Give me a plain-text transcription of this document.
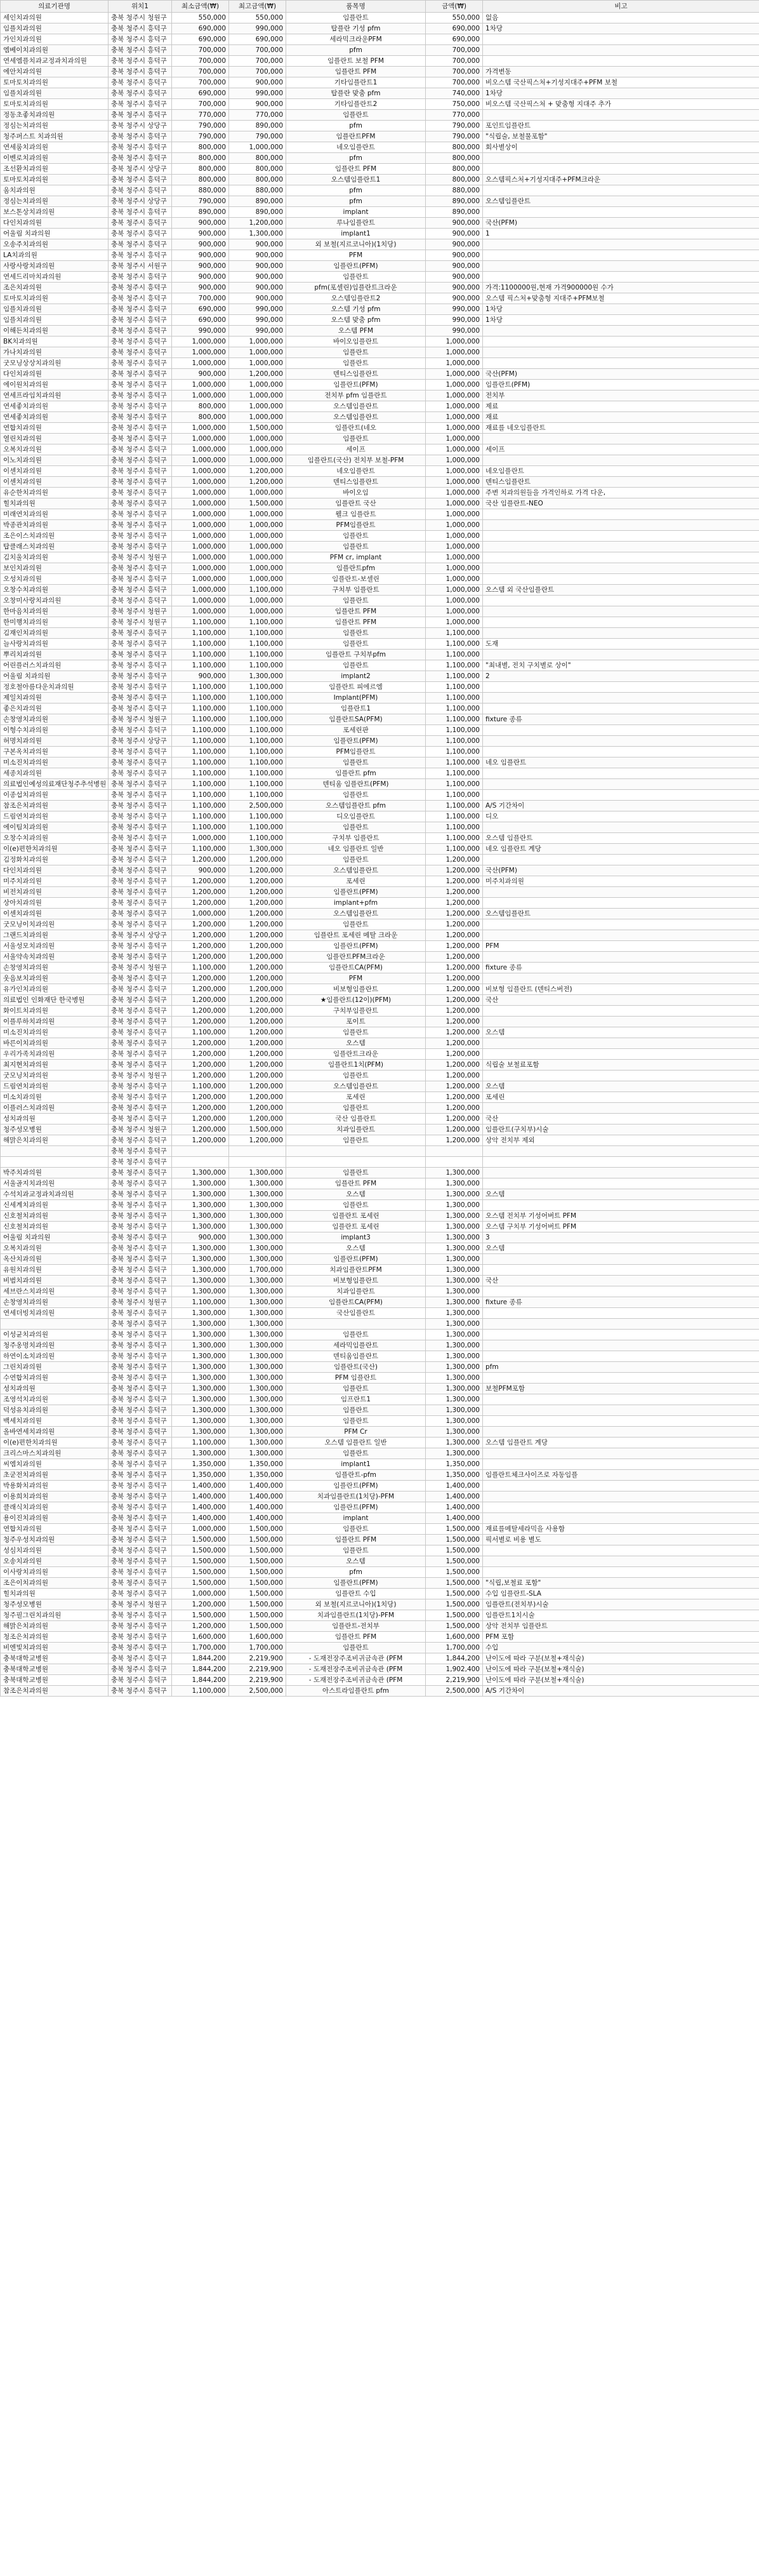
의료기관명	위치1	최소금액(₩)	최고금액(₩)	품목명	금액(₩)	비고
세인치과의원	충북 청주시 청원구	550,000	550,000	임플란트	550,000	없음
임플치과의원	충북 청주시 흥덕구	690,000	990,000	탑플란 기성 pfm	690,000	1차당
가인치과의원	충북 청주시 흥덕구	690,000	690,000	세라믹크라운PFM	690,000	
엠베이치과의원	충북 청주시 흥덕구	700,000	700,000	pfm	700,000	
연세엠플치과교정과치과의원	충북 청주시 흥덕구	700,000	700,000	임플란트 보철 PFM	700,000	
에안치과의원	충북 청주시 흥덕구	700,000	700,000	임플란트 PFM	700,000	가격변동
토마토치과의원	충북 청주시 흥덕구	700,000	900,000	기타임플란트1	700,000	비오스템 국산픽스처+기성지대주+PFM 보철
임플치과의원	충북 청주시 흥덕구	690,000	990,000	탑플란 맞춤 pfm	740,000	1차당
토마토치과의원	충북 청주시 흥덕구	700,000	900,000	기타임플란트2	750,000	비오스템 국산픽스처 + 맞춤형 지대주 추가
정동초좋치과의원	충북 청주시 흥덕구	770,000	770,000	임플란트	770,000	
정심는치과의원	충북 청주시 상당구	790,000	890,000	pfm	790,000	포인트임플란트
청주퍼스트 치과의원	충북 청주시 흥덕구	790,000	790,000	임플란트PFM	790,000	"식립술, 보철물포함"
연세룸치과의원	충북 청주시 흥덕구	800,000	1,000,000	네오임플란트	800,000	회사별상이
이벤로치과의원	충북 청주시 흥덕구	800,000	800,000	pfm	800,000	
조선환치과의원	충북 청주시 상당구	800,000	800,000	임플란트 PFM	800,000	
토마토치과의원	충북 청주시 흥덕구	800,000	800,000	오스템임플란트1	800,000	오스템픽스처+기성지대주+PFM크라운
움치과의원	충북 청주시 흥덕구	880,000	880,000	pfm	880,000	
정심는치과의원	충북 청주시 상당구	790,000	890,000	pfm	890,000	오스템임플란트
보스톤상치과의원	충북 청주시 흥덕구	890,000	890,000	implant	890,000	
다인치과의원	충북 청주시 흥덕구	900,000	1,200,000	루나임플란트	900,000	국산(PFM)
어울림 치과의원	충북 청주시 흥덕구	900,000	1,300,000	implant1	900,000	1
오송주치과의원	충북 청주시 흥덕구	900,000	900,000	외 보철(지르코니아)(1치당)	900,000	
LA치과의원	충북 청주시 흥덕구	900,000	900,000	PFM	900,000	
사랑사랑치과의원	충북 청주시 서원구	900,000	900,000	임플란트(PFM)	900,000	
연세드리마치과의원	충북 청주시 흥덕구	900,000	900,000	임플란트	900,000	
조은치과의원	충북 청주시 흥덕구	900,000	900,000	pfm(포셀린)임플란트크라운	900,000	가격:1100000원,현재 가격900000원 수가
토마토치과의원	충북 청주시 흥덕구	700,000	900,000	오스템임플란트2	900,000	오스템 픽스처+맞춤형 지대주+PFM보철
임플치과의원	충북 청주시 흥덕구	690,000	990,000	오스템 기성 pfm	990,000	1차당
임플치과의원	충북 청주시 흥덕구	690,000	990,000	오스템 맞춤 pfm	990,000	1차당
이해든치과의원	충북 청주시 흥덕구	990,000	990,000	오스템 PFM	990,000	
BK치과의원	충북 청주시 흥덕구	1,000,000	1,000,000	바이오임플란트	1,000,000	
가나치과의원	충북 청주시 흥덕구	1,000,000	1,000,000	임플란트	1,000,000	
굿모닝상상치과의원	충북 청주시 흥덕구	1,000,000	1,000,000	임플란트	1,000,000	
다인치과의원	충북 청주시 흥덕구	900,000	1,200,000	덴티스임플란트	1,000,000	국산(PFM)
에이원치과의원	충북 청주시 흥덕구	1,000,000	1,000,000	임플란트(PFM)	1,000,000	임플란트(PFM)
연세프라임치과의원	충북 청주시 흥덕구	1,000,000	1,000,000	전치부 pfm 임플란트	1,000,000	전치부
연세좋치과의원	충북 청주시 흥덕구	800,000	1,000,000	오스템임플란트	1,000,000	제료
연세좋치과의원	충북 청주시 흥덕구	800,000	1,000,000	오스템임플란트	1,000,000	재료
연합치과의원	충북 청주시 흥덕구	1,000,000	1,500,000	임플란트(네오	1,000,000	재료를 네오임플란트
열린치과의원	충북 청주시 흥덕구	1,000,000	1,000,000	임플란트	1,000,000	
오복치과의원	충북 청주시 흥덕구	1,000,000	1,000,000	세이프	1,000,000	세이프
이노치과의원	충북 청주시 흥덕구	1,000,000	1,000,000	임플란트(국산) 전치부 보철-PFM	1,000,000	
이센치과의원	충북 청주시 흥덕구	1,000,000	1,200,000	네오임플란트	1,000,000	네오임플란트
이센치과의원	충북 청주시 흥덕구	1,000,000	1,200,000	덴티스임플란트	1,000,000	덴티스임플란트
유순한치과의원	충북 청주시 흥덕구	1,000,000	1,000,000	바이오임	1,000,000	주변 치과의원들을 가격인하로 가격 다운,
힐치과의원	충북 청주시 흥덕구	1,000,000	1,500,000	임플란트 국산	1,000,000	국산 임플란트-NEO
미래연치과의원	충북 청주시 흥덕구	1,000,000	1,000,000	웰크 임플란트	1,000,000	
박종관치과의원	충북 청주시 흥덕구	1,000,000	1,000,000	PFM임플란트	1,000,000	
조은이스치과의원	충북 청주시 흥덕구	1,000,000	1,000,000	임플란트	1,000,000	
탑클래스치과의원	충북 청주시 흥덕구	1,000,000	1,000,000	임플란트	1,000,000	
김치울치과의원	충북 청주시 청원구	1,000,000	1,000,000	PFM cr, implant	1,000,000	
보인치과의원	충북 청주시 흥덕구	1,000,000	1,000,000	임플란트pfm	1,000,000	
오성치과의원	충북 청주시 흥덕구	1,000,000	1,000,000	임플란트-보셀린	1,000,000	
오창수치과의원	충북 청주시 흥덕구	1,000,000	1,100,000	구치부 임플란트	1,000,000	오스템 외 국산임플란트
오창미사랑치과의원	충북 청주시 흥덕구	1,000,000	1,000,000	임플란트	1,000,000	
한마음치과의원	충북 청주시 청원구	1,000,000	1,000,000	임플란트 PFM	1,000,000	
한미행치과의원	충북 청주시 청원구	1,100,000	1,100,000	임플란트 PFM	1,000,000	
김재인치과의원	충북 청주시 흥덕구	1,100,000	1,100,000	임플란트	1,100,000	
늘사랑치과의원	충북 청주시 흥덕구	1,100,000	1,100,000	임플란트	1,100,000	도재
뿌리치과의원	충북 청주시 흥덕구	1,100,000	1,100,000	임플란트 구치부pfm	1,100,000	
어린플러스치과의원	충북 청주시 흥덕구	1,100,000	1,100,000	임플란트	1,100,000	"최내별, 전치 구치별로 상이"
어울림 치과의원	충북 청주시 흥덕구	900,000	1,300,000	implant2	1,100,000	2
정호철아름다운치과의원	충북 청주시 흥덕구	1,100,000	1,100,000	임플란트 피에르엠	1,100,000	
제일치과의원	충북 청주시 흥덕구	1,100,000	1,100,000	Implant(PFM)	1,100,000	
좋은치과의원	충북 청주시 흥덕구	1,100,000	1,100,000	임플란트1	1,100,000	
손창영치과의원	충북 청주시 청원구	1,100,000	1,100,000	임플란트SA(PFM)	1,100,000	fixture 종류
이형수치과의원	충북 청주시 흥덕구	1,100,000	1,100,000	포세린판	1,100,000	
허명치과의원	충북 청주시 상당구	1,100,000	1,100,000	임플란트(PFM)	1,100,000	
구본옥치과의원	충북 청주시 흥덕구	1,100,000	1,100,000	PFM임플란트	1,100,000	
미소진치과의원	충북 청주시 흥덕구	1,100,000	1,100,000	임플란트	1,100,000	네오 임플란트
세종치과의원	충북 청주시 흥덕구	1,100,000	1,100,000	임플란트 pfm	1,100,000	
의료법인예성의료재단청주추석병원	충북 청주시 흥덕구	1,100,000	1,100,000	덴티움 임플란트(PFM)	1,100,000	
이종섭치과의원	충북 청주시 흥덕구	1,100,000	1,100,000	임플란트	1,100,000	
참조은치과의원	충북 청주시 흥덕구	1,100,000	2,500,000	오스템임플란트 pfm	1,100,000	A/S 기간차이
드림연치과의원	충북 청주시 흥덕구	1,100,000	1,100,000	디오임플란트	1,100,000	디오
에이팀치과의원	충북 청주시 흥덕구	1,100,000	1,100,000	임플란트	1,100,000	
오창수치과의원	충북 청주시 흥덕구	1,000,000	1,100,000	구치부 임플란트	1,100,000	오스템 임플란트
이(e)편한치과의원	충북 청주시 흥덕구	1,100,000	1,300,000	네오 임플란트 일반	1,100,000	네오 임플란트 계당
김정화치과의원	충북 청주시 흥덕구	1,200,000	1,200,000	임플란트	1,200,000	
다인치과의원	충북 청주시 흥덕구	900,000	1,200,000	오스템임플란트	1,200,000	국산(PFM)
미주치과의원	충북 청주시 흥덕구	1,200,000	1,200,000	포세린	1,200,000	미주치과의원
비전치과의원	충북 청주시 흥덕구	1,200,000	1,200,000	임플란트(PFM)	1,200,000	
상아치과의원	충북 청주시 흥덕구	1,200,000	1,200,000	implant+pfm	1,200,000	
이센치과의원	충북 청주시 흥덕구	1,000,000	1,200,000	오스템임플란트	1,200,000	오스템임플란트
굿모닝이치과의원	충북 청주시 흥덕구	1,200,000	1,200,000	임플란트	1,200,000	
그랜드치과의원	충북 청주시 상당구	1,200,000	1,200,000	임플란트 포세린 메탈 크라운	1,200,000	
서울성모치과의원	충북 청주시 흥덕구	1,200,000	1,200,000	임플란트(PFM)	1,200,000	PFM
서울약속치과의원	충북 청주시 흥덕구	1,200,000	1,200,000	임플란트PFM크라운	1,200,000	
손창영치과의원	충북 청주시 청원구	1,100,000	1,200,000	임플란트CA(PFM)	1,200,000	fixture 종류
웃음보치과의원	충북 청주시 흥덕구	1,200,000	1,200,000	PFM	1,200,000	
유가인치과의원	충북 청주시 흥덕구	1,200,000	1,200,000	비보형임플란트	1,200,000	비보형 임플란트 (덴티스버전)
의료법인 인화재단 한국병원	충북 청주시 흥덕구	1,200,000	1,200,000	★임플란트(12이)(PFM)	1,200,000	국산
화이트치과의원	충북 청주시 흥덕구	1,200,000	1,200,000	구치부임플란트	1,200,000	
이플루하치과의원	충북 청주시 흥덕구	1,200,000	1,200,000	포이트	1,200,000	
미소진치과의원	충북 청주시 흥덕구	1,100,000	1,200,000	임플란트	1,200,000	오스템
바른이치과의원	충북 청주시 흥덕구	1,200,000	1,200,000	오스템	1,200,000	
우리가족치과의원	충북 청주시 흥덕구	1,200,000	1,200,000	임플란트크라운	1,200,000	
최지현치과의원	충북 청주시 흥덕구	1,200,000	1,200,000	임플란트1치(PFM)	1,200,000	식립술 보철료포함
굿모닝치과의원	충북 청주시 청원구	1,200,000	1,200,000	임플란트	1,200,000	
드림연치과의원	충북 청주시 흥덕구	1,100,000	1,200,000	오스템임플란트	1,200,000	오스템
미소치과의원	충북 청주시 흥덕구	1,200,000	1,200,000	포세린	1,200,000	포세린
이플러스치과의원	충북 청주시 흥덕구	1,200,000	1,200,000	임플란트	1,200,000	
성치과의원	충북 청주시 흥덕구	1,200,000	1,200,000	국산 임플란트	1,200,000	국산
청주성모병원	충북 청주시 청원구	1,200,000	1,500,000	치과임플란트	1,200,000	임플란트(구치부)시술
해맑은치과의원	충북 청주시 흥덕구	1,200,000	1,200,000	임플란트	1,200,000	상악 전치부 제외
	충북 청주시 흥덕구					
	충북 청주시 흥덕구					
박주치과의원	충북 청주시 흥덕구	1,300,000	1,300,000	임플란트	1,300,000	
서울골지치과의원	충북 청주시 흥덕구	1,300,000	1,300,000	임플란트 PFM	1,300,000	
수석치과교정과치과의원	충북 청주시 흥덕구	1,300,000	1,300,000	오스템	1,300,000	오스템
신세계치과의원	충북 청주시 흥덕구	1,300,000	1,300,000	임플란트	1,300,000	
신호철치과의원	충북 청주시 흥덕구	1,300,000	1,300,000	임플란트 포세린	1,300,000	오스템 전치부 기성어버트 PFM
신호철치과의원	충북 청주시 흥덕구	1,300,000	1,300,000	임플란트 포세린	1,300,000	오스템 구치부 기성어버트 PFM
어울림 치과의원	충북 청주시 흥덕구	900,000	1,300,000	implant3	1,300,000	3
오복치과의원	충북 청주시 흥덕구	1,300,000	1,300,000	오스템	1,300,000	오스템
옥산치과의원	충북 청주시 흥덕구	1,300,000	1,300,000	임플란트(PFM)	1,300,000	
유원치과의원	충북 청주시 흥덕구	1,300,000	1,700,000	치과임플란트PFM	1,300,000	
비범치과의원	충북 청주시 흥덕구	1,300,000	1,300,000	비보형임플란트	1,300,000	국산
세브란스치과의원	충북 청주시 흥덕구	1,300,000	1,300,000	치과임플란트	1,300,000	
손창영치과의원	충북 청주시 청원구	1,100,000	1,300,000	임플란트CA(PFM)	1,300,000	fixture 종류
연세더빙치과의원	충북 청주시 흥덕구	1,300,000	1,300,000	국산임플란트	1,300,000	
	충북 청주시 흥덕구	1,300,000	1,300,000		1,300,000	
이성균치과의원	충북 청주시 흥덕구	1,300,000	1,300,000	임플란트	1,300,000	
청주옹멍치과의원	충북 청주시 흥덕구	1,300,000	1,300,000	세라믹임플란트	1,300,000	
하연이소치과의원	충북 청주시 흥덕구	1,300,000	1,300,000	덴티움임플란트	1,300,000	
그린치과의원	충북 청주시 흥덕구	1,300,000	1,300,000	임플란트(국산)	1,300,000	pfm
수연합치과의원	충북 청주시 흥덕구	1,300,000	1,300,000	PFM 임플란트	1,300,000	
성치과의원	충북 청주시 흥덕구	1,300,000	1,300,000	임플란트	1,300,000	보철PFM포함
조영석치과의원	충북 청주시 흥덕구	1,300,000	1,300,000	임프란트1	1,300,000	
덕성유치과의원	충북 청주시 흥덕구	1,300,000	1,300,000	임플란트	1,300,000	
백세치과의원	충북 청주시 흥덕구	1,300,000	1,300,000	임플란트	1,300,000	
올바연세치과의원	충북 청주시 흥덕구	1,300,000	1,300,000	PFM Cr	1,300,000	
이(e)편한치과의원	충북 청주시 흥덕구	1,100,000	1,300,000	오스템 임플란트 일반	1,300,000	오스템 임플란트 계당
크리스마스치과의원	충북 청주시 흥덕구	1,300,000	1,300,000	임플란트	1,300,000	
씨엠치과의원	충북 청주시 흥덕구	1,350,000	1,350,000	implant1	1,350,000	
초굳전치과의원	충북 청주시 흥덕구	1,350,000	1,350,000	임플란트-pfm	1,350,000	임플란트체크사이즈로 자동임플
박용화치과의원	충북 청주시 흥덕구	1,400,000	1,400,000	임플란트(PFM)	1,400,000	
이용희치과의원	충북 청주시 흥덕구	1,400,000	1,400,000	치과임플란트(1치당)-PFM	1,400,000	
클래식치과의원	충북 청주시 흥덕구	1,400,000	1,400,000	임플란트(PFM)	1,400,000	
용이진치과의원	충북 청주시 흥덕구	1,400,000	1,400,000	implant	1,400,000	
연합치과의원	충북 청주시 흥덕구	1,000,000	1,500,000	임플란트	1,500,000	재료를메탈세라믹을 사용함
청주우성치과의원	충북 청주시 흥덕구	1,500,000	1,500,000	임플란트 PFM	1,500,000	픽서별로 비용 별도
성심치과의원	충북 청주시 흥덕구	1,500,000	1,500,000	임플란트	1,500,000	
오송치과의원	충북 청주시 흥덕구	1,500,000	1,500,000	오스템	1,500,000	
이사랑치과의원	충북 청주시 흥덕구	1,500,000	1,500,000	pfm	1,500,000	
조은이치과의원	충북 청주시 흥덕구	1,500,000	1,500,000	임플란트(PFM)	1,500,000	"식립,보철료 포함"
힐치과의원	충북 청주시 흥덕구	1,000,000	1,500,000	임플란트 수입	1,500,000	수입 임플란트-SLA
청주성모병원	충북 청주시 청원구	1,200,000	1,500,000	외 보철(지르코니아)(1치당)	1,500,000	임플란트(전치부)시술
청주필그린치과의원	충북 청주시 흥덕구	1,500,000	1,500,000	치과임플란트(1치당)-PFM	1,500,000	임플란트1치시술
해맑은치과의원	충북 청주시 흥덕구	1,200,000	1,500,000	임플란트-전치부	1,500,000	상악 전치부 임플란트
청조은치과의원	충북 청주시 흥덕구	1,600,000	1,600,000	임플란트 PFM	1,600,000	PFM 포함
비엔빛치과의원	충북 청주시 흥덕구	1,700,000	1,700,000	임플란트	1,700,000	수입
충북대학교병원	충북 청주시 흥덕구	1,844,200	2,219,900	- 도재전장주조비귀금속관 (PFM	1,844,200	난이도에 따라 구분(보철+재식술)
충북대학교병원	충북 청주시 흥덕구	1,844,200	2,219,900	- 도재전장주조비귀금속관 (PFM	1,902,400	난이도에 따라 구분(보철+재식술)
충북대학교병원	충북 청주시 흥덕구	1,844,200	2,219,900	- 도재전장주조비귀금속관 (PFM	2,219,900	난이도에 따라 구분(보철+재식술)
참조은치과의원	충북 청주시 흥덕구	1,100,000	2,500,000	아스트라임플란트 pfm	2,500,000	A/S 기간차이
